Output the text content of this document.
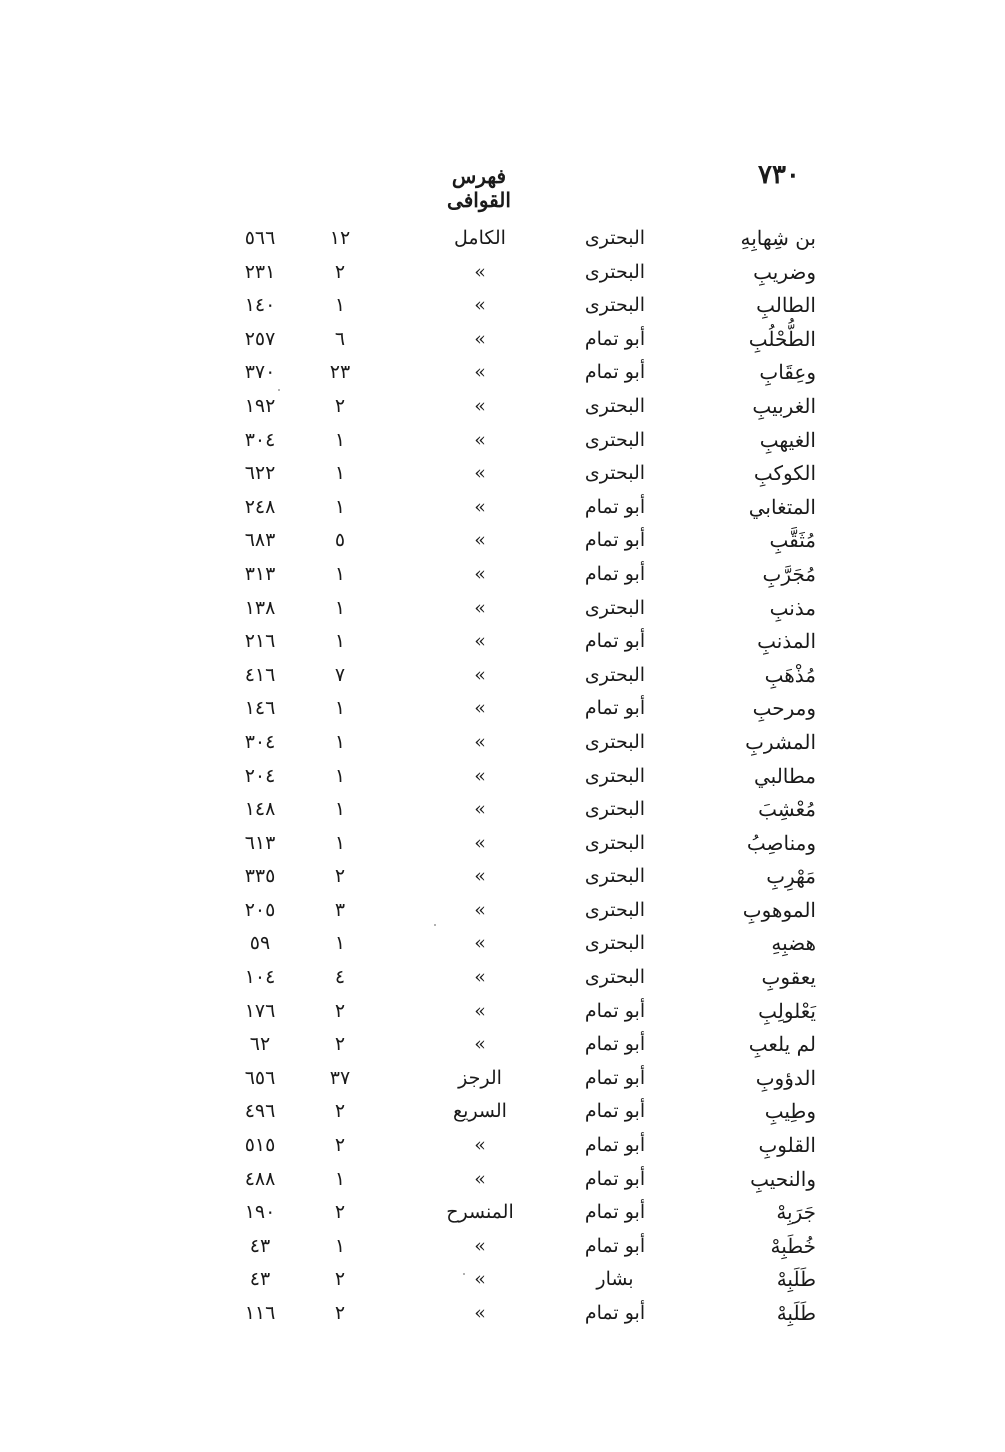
٧٣٠
فهرس القوافى
بن شِهابِهِ
البحترى
الكامل
١٢
٥٦٦
وضريبِ
البحترى
»
٢
٢٣١
الطالبِ
البحترى
»
١
١٤٠
الطُّحْلُبِ
أبو تمام
»
٦
٢٥٧
وعِقَابِ
أبو تمام
»
٢٣
٣٧٠
الغربيبِ
البحترى
»
٢
١٩٢
الغيهبِ
البحترى
»
١
٣٠٤
الكوكبِ
البحترى
»
١
٦٢٢
المتغابي
أبو تمام
»
١
٢٤٨
مُثَقَّبِ
أبو تمام
»
٥
٦٨٣
مُجَرَّبِ
أبو تمام
»
١
٣١٣
مذنبِ
البحترى
»
١
١٣٨
المذنبِ
أبو تمام
»
١
٢١٦
مُذْهَبِ
البحترى
»
٧
٤١٦
ومرحبِ
أبو تمام
»
١
١٤٦
المشربِ
البحترى
»
١
٣٠٤
مطالبي
البحترى
»
١
٢٠٤
مُعْشِبَ
البحترى
»
١
١٤٨
ومناصِبُ
البحترى
»
١
٦١٣
مَهْرِبِ
البحترى
»
٢
٣٣٥
الموهوبِ
البحترى
»
٣
٢٠٥
هضبِهِ
البحترى
»
١
٥٩
يعقوبِ
البحترى
»
٤
١٠٤
يَعْلولِبِ
أبو تمام
»
٢
١٧٦
لم يلعبِ
أبو تمام
»
٢
٦٢
الدؤوبِ
أبو تمام
الرجز
٣٧
٦٥٦
وطِيبِ
أبو تمام
السريع
٢
٤٩٦
القلوبِ
أبو تمام
»
٢
٥١٥
والنحيبِ
أبو تمام
»
١
٤٨٨
جَرَبِهْ
أبو تمام
المنسرح
٢
١٩٠
خُطَبِهْ
أبو تمام
»
١
٤٣
طَلَبِهْ
بشار
»
٢
٤٣
طَلَبِهْ
أبو تمام
»
٢
١١٦
